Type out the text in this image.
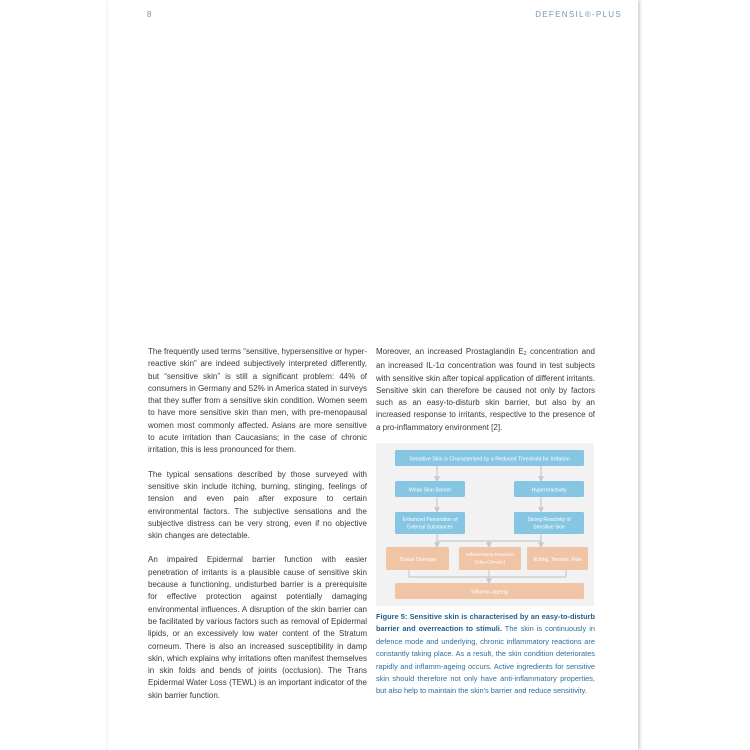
8	DEFENSIL®-PLUS

The frequently used terms “sensitive, hypersensitive or hyper-reactive skin” are indeed subjectively interpreted differently, but “sensitive skin” is still a significant problem: 44% of consumers in Germany and 52% in America stated in surveys that they suffer from a sensitive skin condition. Women seem to have more sensitive skin than men, with pre-menopausal women most commonly affected. Asians are more sensitive to acute irritation than Caucasians; in the case of chronic irritation, this is less pronounced for them.

The typical sensations described by those surveyed with sensitive skin include itching, burning, stinging, feelings of tension and even pain after exposure to certain environmental factors. The subjective sensations and the subjective distress can be very strong, even if no objective skin changes are detectable.

An impaired Epidermal barrier function with easier penetration of irritants is a plausible cause of sensitive skin because a functioning, undisturbed barrier is a prerequisite for effective protection against potentially damaging environmental influences. A disruption of the skin barrier can be facilitated by various factors such as removal of Epidermal lipids, or an excessively low water content of the Stratum corneum. There is also an increased susceptibility in damp skin, which explains why irritations often manifest themselves in skin folds and bends of joints (occlusion). The Trans Epidermal Water Loss (TEWL) is an important indicator of the skin barrier function.

Moreover, an increased Prostaglandin $E_2$ concentration and an increased IL-1α concentration was found in test subjects with sensitive skin after topical application of different irritants. Sensitive skin can therefore be caused not only by factors such as an easy-to-disturb skin barrier, but also by an increased response to irritants, respective to the presence of a pro-inflammatory environment [2].

Sensitive Skin is Characterised by a Reduced Threshold for Irritation
Weak Skin Barrier	Hyperreactivity
Enhanced Penetration of
External Substances
Strong Reactivity of
Sensitive Skin
Tissue Damage
Inflammatory Reaction
(Also Chronic)	Itching, Tension, Pain
Inflamm-ageing
Figure 5: Sensitive skin is characterised by an easy-to-disturb barrier and overreaction to stimuli. The skin is continuously in defence mode and underlying, chronic inflammatory reactions are constantly taking place. As a result, the skin condition deteriorates rapidly and inflamm-ageing occurs. Active ingredients for sensitive skin should therefore not only have anti-inflammatory properties, but also help to maintain the skin's barrier and reduce sensitivity.
